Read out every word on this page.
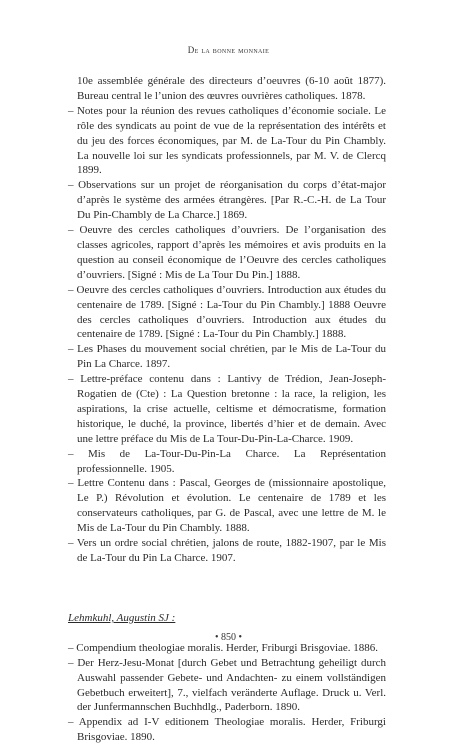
De la bonne monnaie

10e assemblée générale des directeurs d’oeuvres (6-10 août 1877). Bureau central le l’union des œuvres ouvrières catholiques. 1878.

– Notes pour la réunion des revues catholiques d’économie sociale. Le rôle des syndicats au point de vue de la représentation des intérêts et du jeu des forces économiques, par M. de La-Tour du Pin Chambly. La nouvelle loi sur les syndicats professionnels, par M. V. de Clercq 1899.

– Observations sur un projet de réorganisation du corps d’état-major d’après le système des armées étrangères. [Par R.-C.-H. de La Tour Du Pin-Chambly de La Charce.] 1869.

– Oeuvre des cercles catholiques d’ouvriers. De l’organisation des classes agricoles, rapport d’après les mémoires et avis produits en la question au conseil économique de l’Oeuvre des cercles catholiques d’ouvriers. [Signé : Mis de La Tour Du Pin.] 1888.

– Oeuvre des cercles catholiques d’ouvriers. Introduction aux études du centenaire de 1789. [Signé : La-Tour du Pin Chambly.] 1888 Oeuvre des cercles catholiques d’ouvriers. Introduction aux études du centenaire de 1789. [Signé : La-Tour du Pin Chambly.] 1888.

– Les Phases du mouvement social chrétien, par le Mis de La-Tour du Pin La Charce. 1897.

– Lettre-préface contenu dans : Lantivy de Trédion, Jean-Joseph-Rogatien de (Cte) : La Question bretonne : la race, la religion, les aspirations, la crise actuelle, celtisme et démocratisme, formation historique, le duché, la province, libertés d’hier et de demain. Avec une lettre préface du Mis de La Tour-Du-Pin-La-Charce. 1909.

– Mis de La-Tour-Du-Pin-La Charce. La Représentation professionnelle. 1905.

– Lettre Contenu dans : Pascal, Georges de (missionnaire apostolique, Le P.) Révolution et évolution. Le centenaire de 1789 et les conservateurs catholiques, par G. de Pascal, avec une lettre de M. le Mis de La-Tour du Pin Chambly. 1888.

– Vers un ordre social chrétien, jalons de route, 1882-1907, par le Mis de La-Tour du Pin La Charce. 1907.

Lehmkuhl, Augustin SJ :

– Compendium theologiae moralis. Herder, Friburgi Brisgoviae. 1886.

– Der Herz-Jesu-Monat [durch Gebet und Betrachtung geheiligt durch Auswahl passender Gebete- und Andachten- zu einem vollständigen Gebetbuch erweitert], 7., vielfach veränderte Auflage. Druck u. Verl. der Junfermannschen Buchhdlg., Paderborn. 1890.

– Appendix ad I-V editionem Theologiae moralis. Herder, Friburgi Brisgoviae. 1890.

• 850 •
